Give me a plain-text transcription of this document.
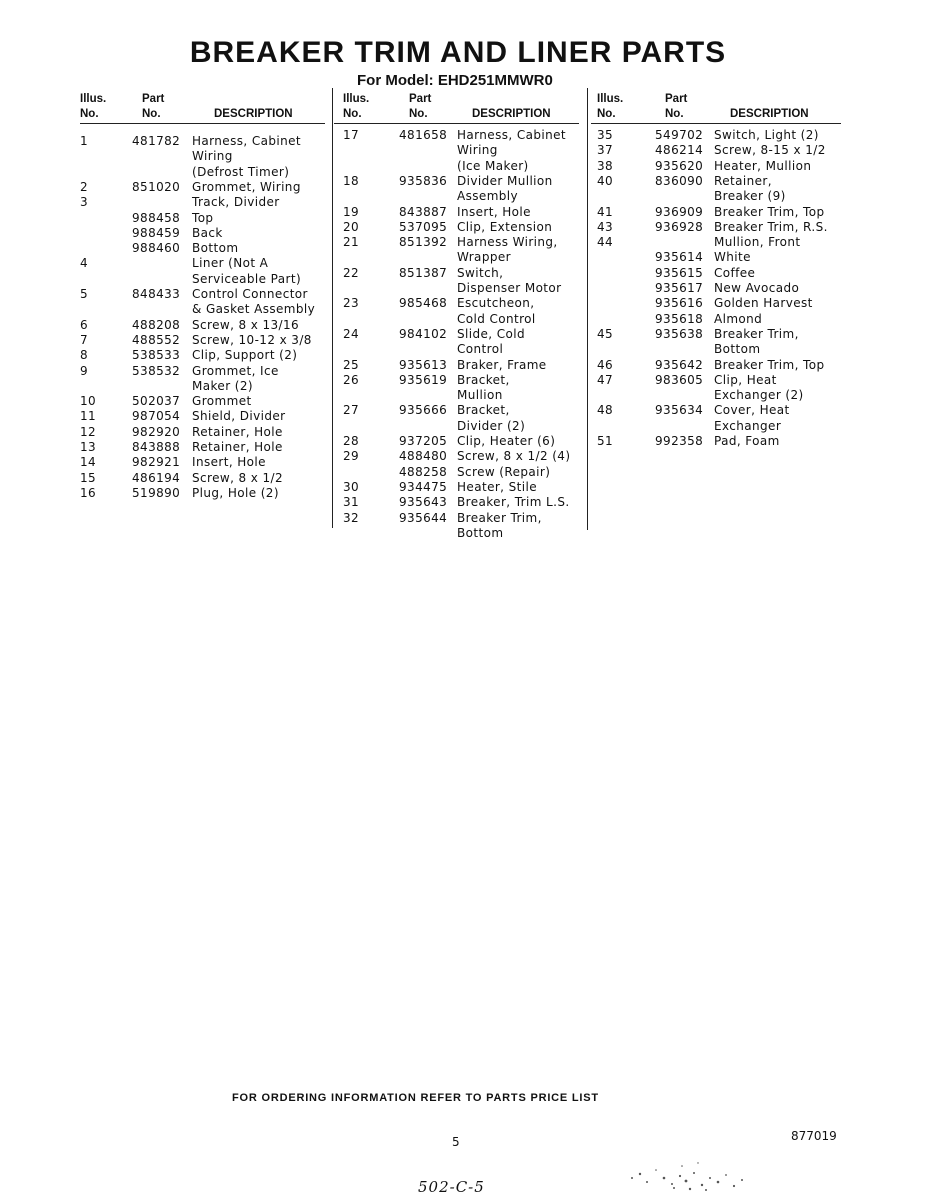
BREAKER TRIM AND LINER PARTS
For Model: EHD251MMWR0
Illus.
No.
Part
No.	DESCRIPTION
1	481782 Harness, Cabinet
Wiring
(Defrost Timer)
2	851020 Grommet, Wiring
3	Track, Divider
988458 Top
988459 Back
988460 Bottom
4	Liner (Not A
Serviceable Part)
5	848433 Control Connector
& Gasket Assembly
6	488208 Screw, 8 x 13/16
7	488552 Screw, 10-12 x 3/8
8	538533 Clip, Support (2)
9	538532 Grommet, Ice
Maker (2)
10	502037 Grommet
11	987054 Shield, Divider
12	982920 Retainer, Hole
13	843888 Retainer, Hole
14	982921 Insert, Hole
15	486194 Screw, 8 x 1/2
16	519890 Plug, Hole (2)
Illus.
No.
Part
No.	DESCRIPTION
17	481658 Harness, Cabinet
Wiring
(Ice Maker)
18	935836 Divider Mullion
Assembly
19	843887 Insert, Hole
20	537095 Clip, Extension
21	851392 Harness Wiring,
Wrapper
22	851387 Switch,
Dispenser Motor
23	985468 Escutcheon,
Cold Control
24	984102 Slide, Cold
Control
25	935613 Braker, Frame
26	935619 Bracket,
Mullion
27	935666 Bracket,
Divider (2)
28	937205 Clip, Heater (6)
29	488480 Screw, 8 x 1/2 (4)
488258 Screw (Repair)
30	934475 Heater, Stile
31	935643 Breaker, Trim L.S.
32	935644 Breaker Trim,
Bottom
Illus.
No.
Part
No.	DESCRIPTION
35	549702 Switch, Light (2)
37	486214 Screw, 8-15 x 1/2
38	935620 Heater, Mullion
40	836090 Retainer,
Breaker (9)
41	936909 Breaker Trim, Top
43	936928 Breaker Trim, R.S.
44	Mullion, Front
935614 White
935615 Coffee
935617 New Avocado
935616 Golden Harvest
935618 Almond
45	935638 Breaker Trim,
Bottom
46	935642 Breaker Trim, Top
47	983605 Clip, Heat
Exchanger (2)
48	935634 Cover, Heat
Exchanger
51	992358 Pad, Foam
FOR ORDERING INFORMATION REFER TO PARTS PRICE LIST
5	877019
502-C-5
